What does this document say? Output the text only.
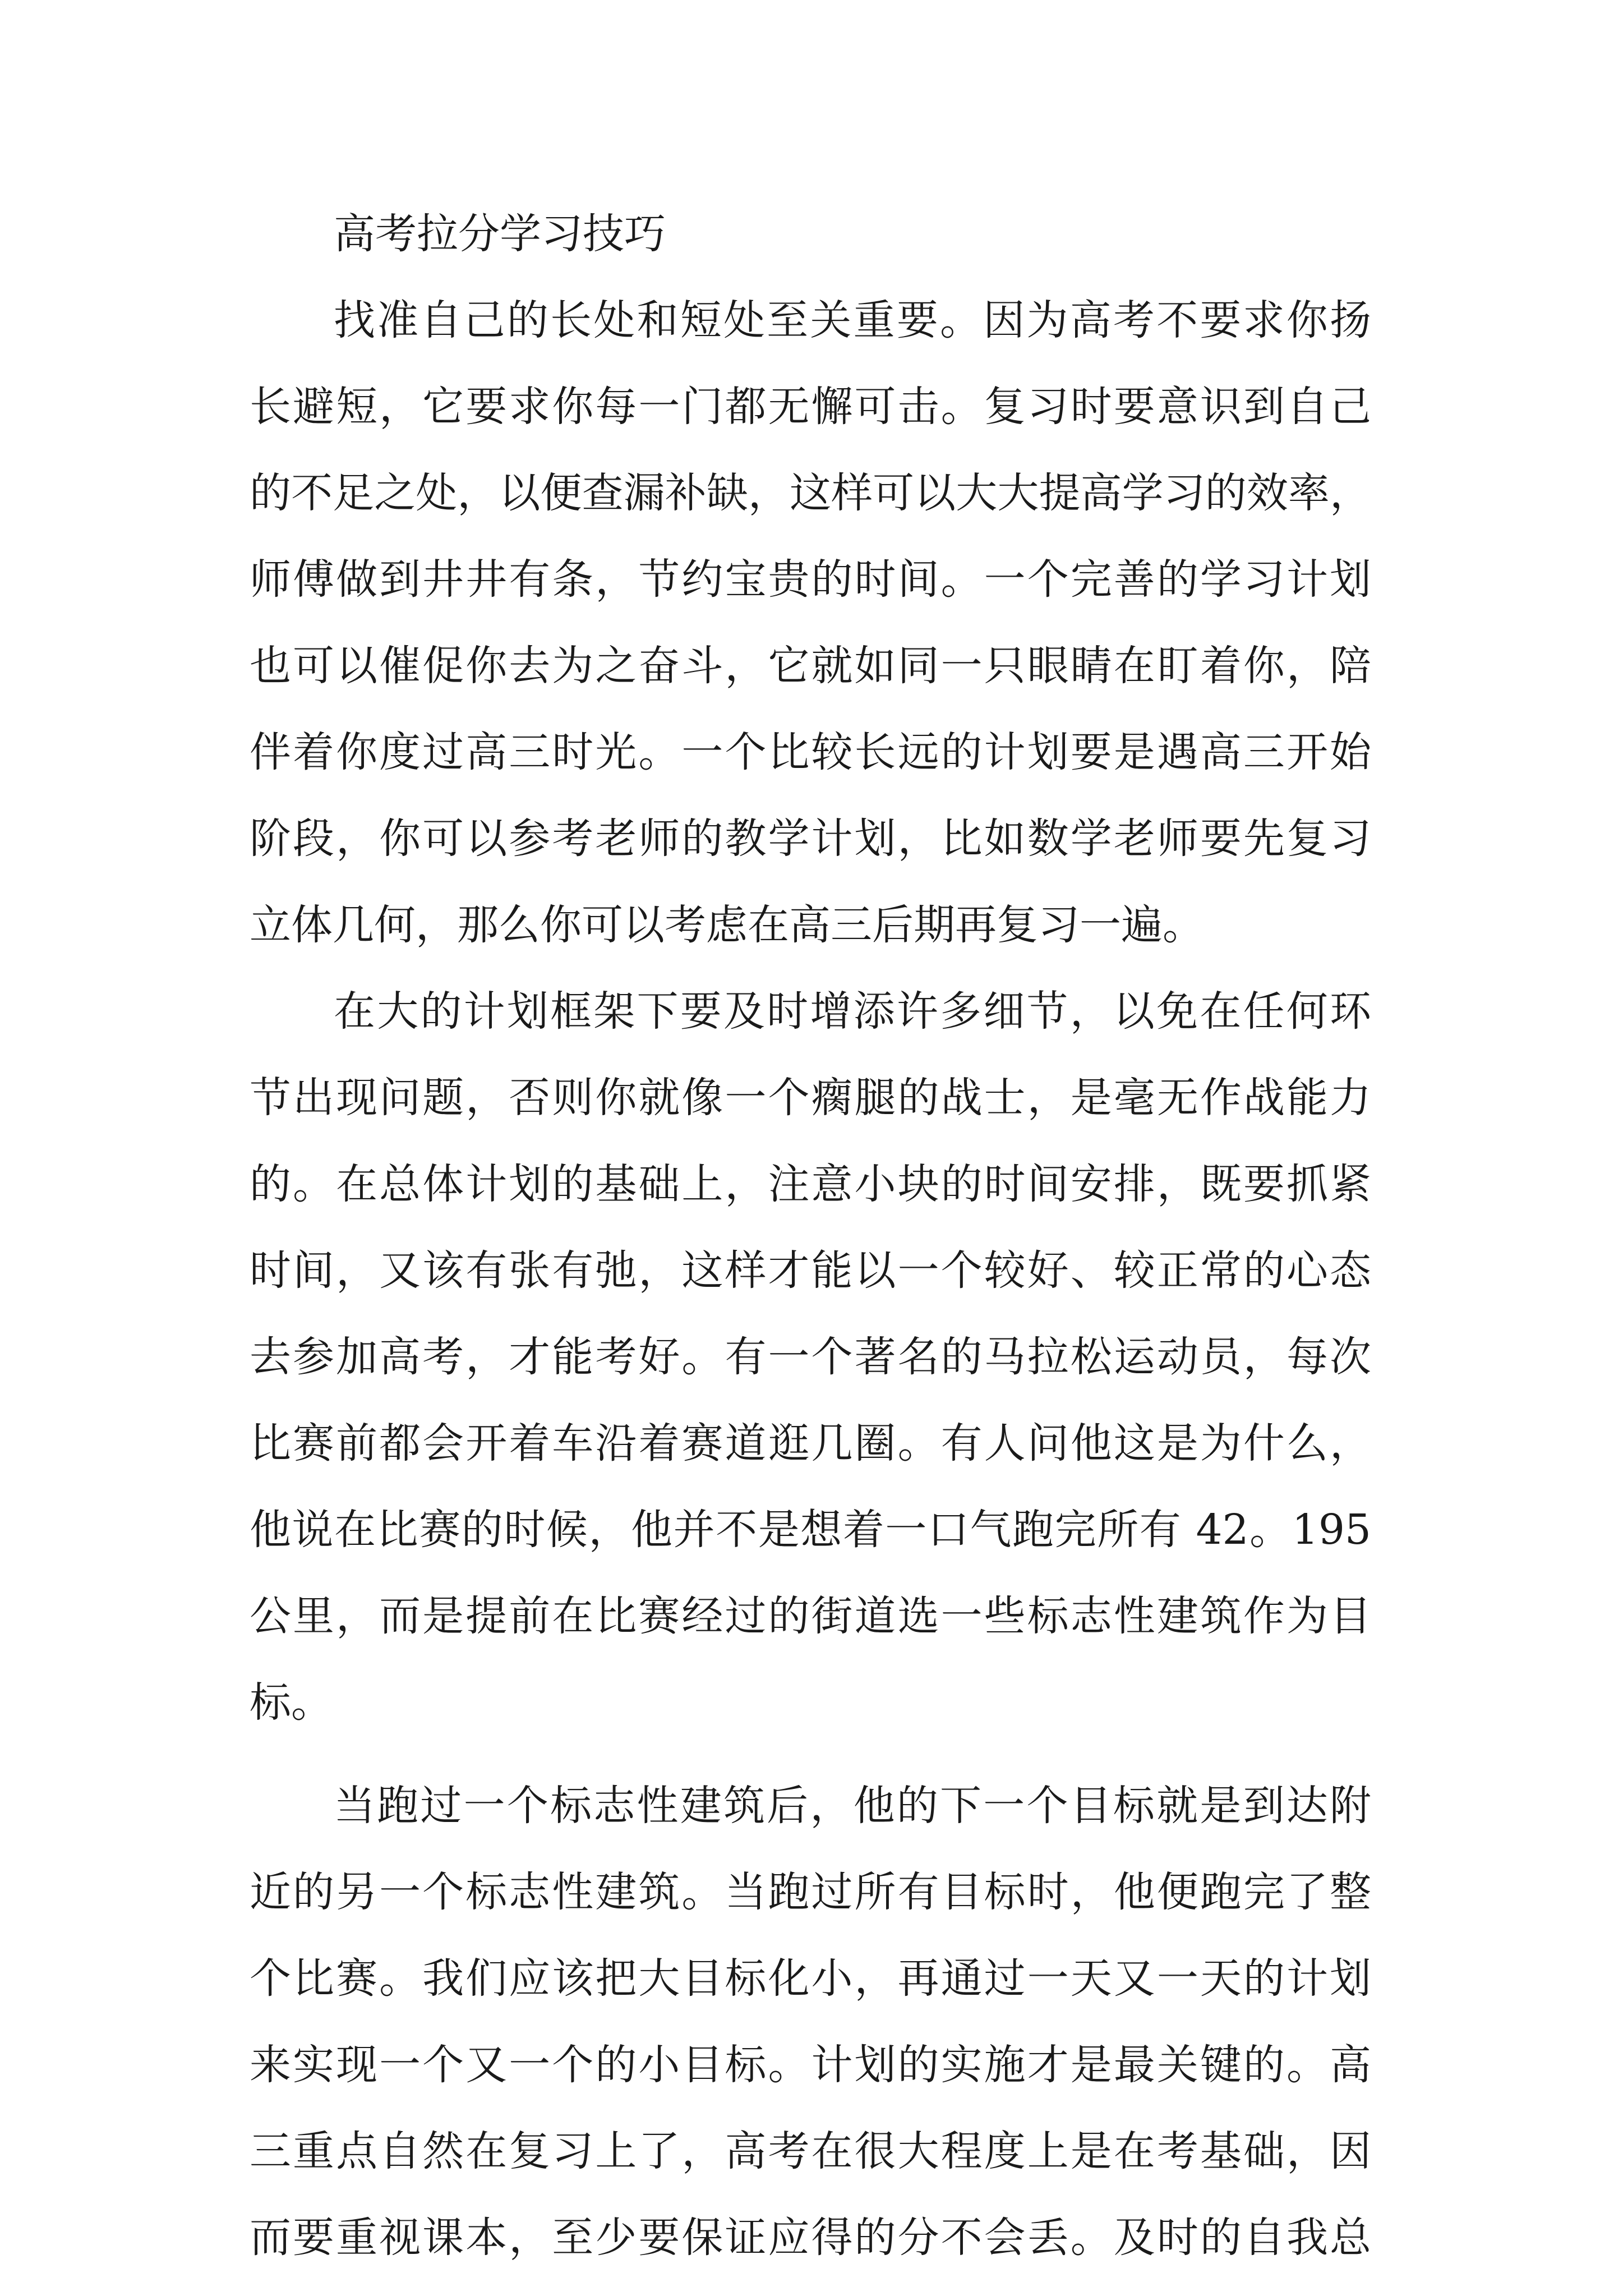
高考拉分学习技巧
找准自己的长处和短处至关重要。因为高考不要求你扬
长避短，它要求你每一门都无懈可击。复习时要意识到自己
的不足之处，以便查漏补缺，这样可以大大提高学习的效率，
师傅做到井井有条，节约宝贵的时间。一个完善的学习计划
也可以催促你去为之奋斗，它就如同一只眼睛在盯着你，陪
伴着你度过高三时光。一个比较长远的计划要是遇高三开始
阶段，你可以参考老师的教学计划，比如数学老师要先复习
立体几何，那么你可以考虑在高三后期再复习一遍。
在大的计划框架下要及时增添许多细节，以免在任何环
节出现问题，否则你就像一个瘸腿的战士，是毫无作战能力
的。在总体计划的基础上，注意小块的时间安排，既要抓紧
时间，又该有张有弛，这样才能以一个较好、较正常的心态
去参加高考，才能考好。有一个著名的马拉松运动员，每次
比赛前都会开着车沿着赛道逛几圈。有人问他这是为什么，
他说在比赛的时候，他并不是想着一口气跑完所有 42。195
公里，而是提前在比赛经过的街道选一些标志性建筑作为目
标。
当跑过一个标志性建筑后，他的下一个目标就是到达附
近的另一个标志性建筑。当跑过所有目标时，他便跑完了整
个比赛。我们应该把大目标化小，再通过一天又一天的计划
来实现一个又一个的小目标。计划的实施才是最关键的。高
三重点自然在复习上了，高考在很大程度上是在考基础，因
而要重视课本，至少要保证应得的分不会丢。及时的自我总
